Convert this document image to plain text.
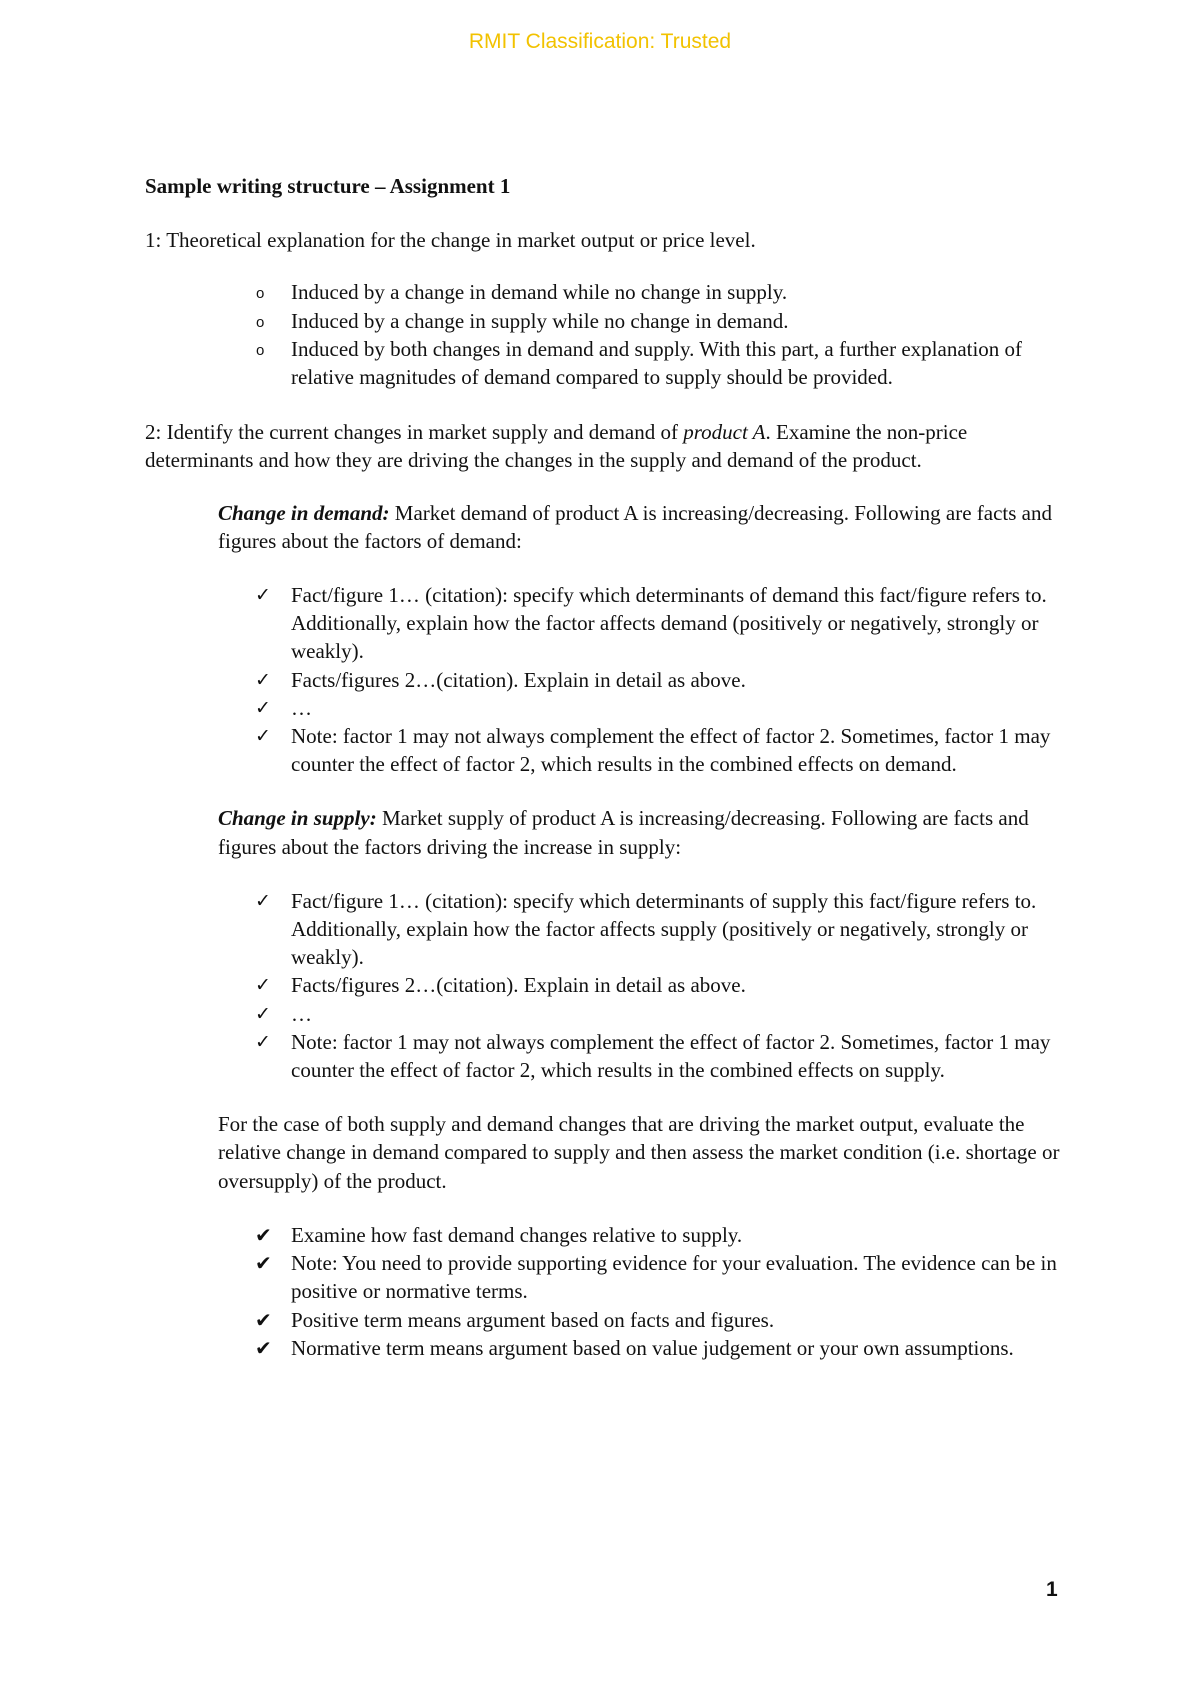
RMIT Classification: Trusted

Sample writing structure – Assignment 1

1: Theoretical explanation for the change in market output or price level.

o Induced by a change in demand while no change in supply.
o Induced by a change in supply while no change in demand.
o Induced by both changes in demand and supply. With this part, a further explanation of relative magnitudes of demand compared to supply should be provided.

2: Identify the current changes in market supply and demand of product A. Examine the non-price determinants and how they are driving the changes in the supply and demand of the product.

Change in demand: Market demand of product A is increasing/decreasing. Following are facts and figures about the factors of demand:

✓ Fact/figure 1… (citation): specify which determinants of demand this fact/figure refers to. Additionally, explain how the factor affects demand (positively or negatively, strongly or weakly).
✓ Facts/figures 2…(citation). Explain in detail as above.
✓ …
✓ Note: factor 1 may not always complement the effect of factor 2. Sometimes, factor 1 may counter the effect of factor 2, which results in the combined effects on demand.

Change in supply: Market supply of product A is increasing/decreasing. Following are facts and figures about the factors driving the increase in supply:

✓ Fact/figure 1… (citation): specify which determinants of supply this fact/figure refers to. Additionally, explain how the factor affects supply (positively or negatively, strongly or weakly).
✓ Facts/figures 2…(citation). Explain in detail as above.
✓ …
✓ Note: factor 1 may not always complement the effect of factor 2. Sometimes, factor 1 may counter the effect of factor 2, which results in the combined effects on supply.

For the case of both supply and demand changes that are driving the market output, evaluate the relative change in demand compared to supply and then assess the market condition (i.e. shortage or oversupply) of the product.

✔ Examine how fast demand changes relative to supply.
✔ Note: You need to provide supporting evidence for your evaluation. The evidence can be in positive or normative terms.
✔ Positive term means argument based on facts and figures.
✔ Normative term means argument based on value judgement or your own assumptions.
1
